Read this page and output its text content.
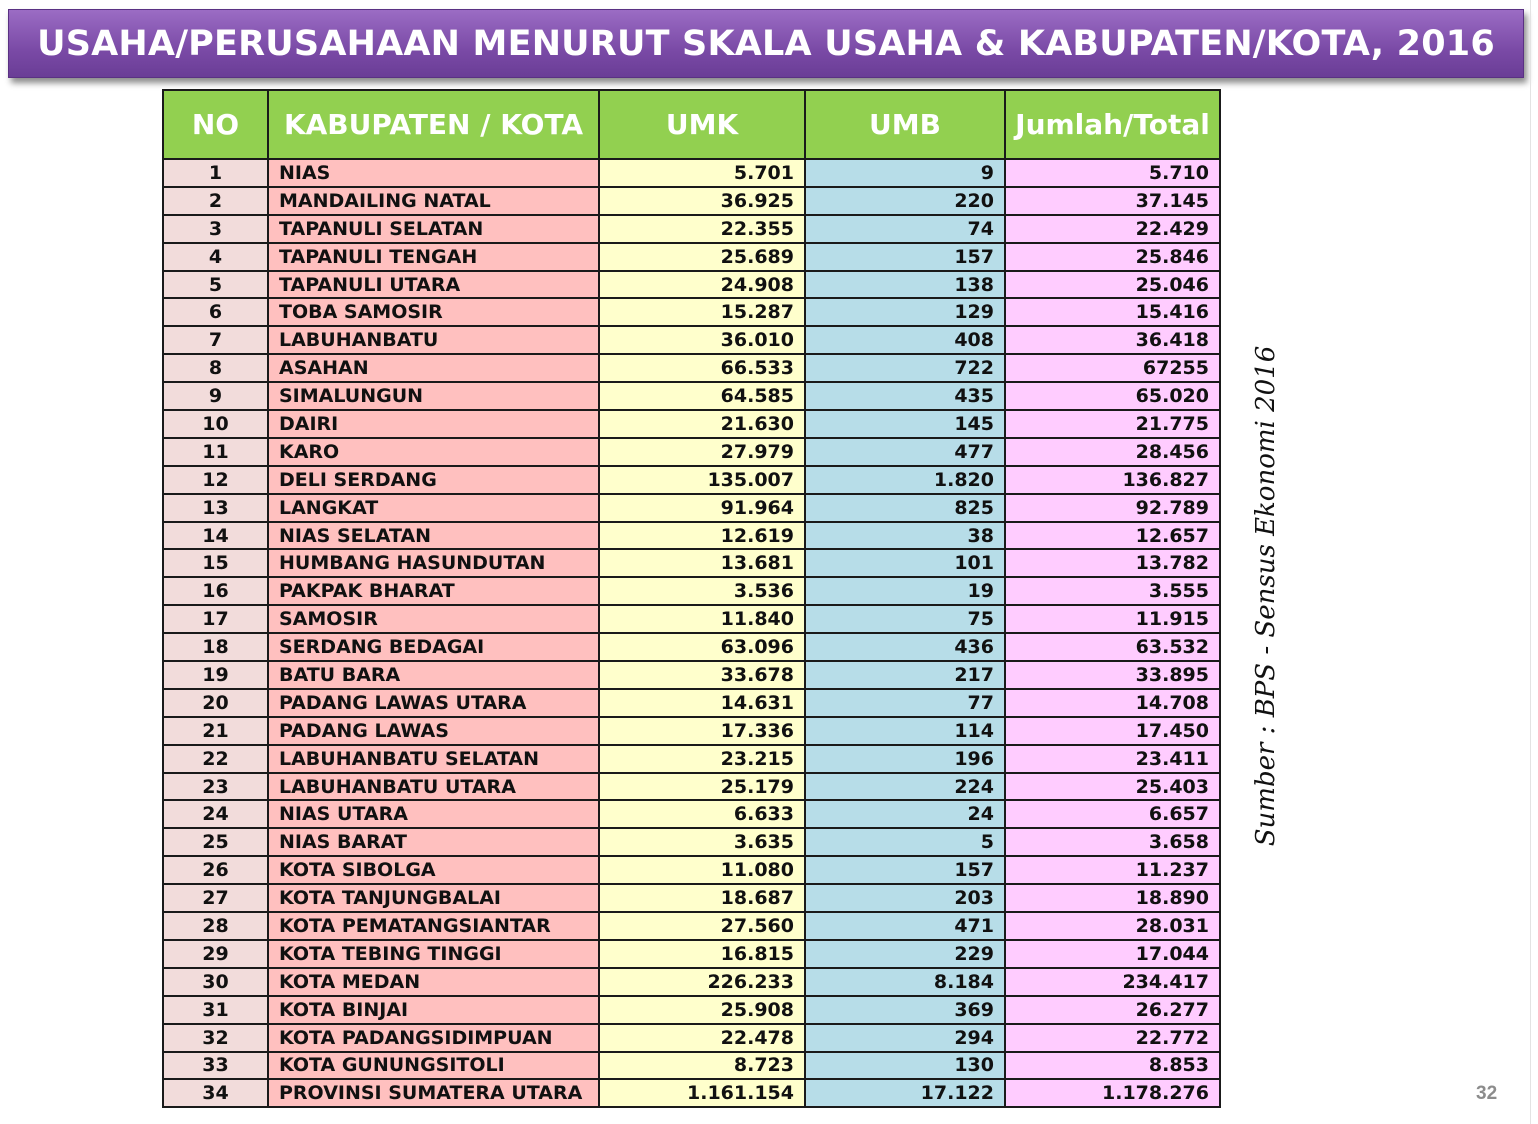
USAHA/PERUSAHAAN MENURUT SKALA USAHA & KABUPATEN/KOTA, 2016
NO	KABUPATEN / KOTA	UMK	UMB	Jumlah/Total
1	NIAS	5.701	9	5.710
2	MANDAILING NATAL	36.925	220	37.145
3	TAPANULI SELATAN	22.355	74	22.429
4	TAPANULI TENGAH	25.689	157	25.846
5	TAPANULI UTARA	24.908	138	25.046
6	TOBA SAMOSIR	15.287	129	15.416
7	LABUHANBATU	36.010	408	36.418
8	ASAHAN	66.533	722	67255
9	SIMALUNGUN	64.585	435	65.020
10	DAIRI	21.630	145	21.775
11	KARO	27.979	477	28.456
12	DELI SERDANG	135.007	1.820	136.827
13	LANGKAT	91.964	825	92.789
14	NIAS SELATAN	12.619	38	12.657
15	HUMBANG HASUNDUTAN	13.681	101	13.782
16	PAKPAK BHARAT	3.536	19	3.555
17	SAMOSIR	11.840	75	11.915
18	SERDANG BEDAGAI	63.096	436	63.532
19	BATU BARA	33.678	217	33.895
20	PADANG LAWAS UTARA	14.631	77	14.708
21	PADANG LAWAS	17.336	114	17.450
22	LABUHANBATU SELATAN	23.215	196	23.411
23	LABUHANBATU UTARA	25.179	224	25.403
24	NIAS UTARA	6.633	24	6.657
25	NIAS BARAT	3.635	5	3.658
26	KOTA SIBOLGA	11.080	157	11.237
27	KOTA TANJUNGBALAI	18.687	203	18.890
28	KOTA PEMATANGSIANTAR	27.560	471	28.031
29	KOTA TEBING TINGGI	16.815	229	17.044
30	KOTA MEDAN	226.233	8.184	234.417
31	KOTA BINJAI	25.908	369	26.277
32	KOTA PADANGSIDIMPUAN	22.478	294	22.772
33	KOTA GUNUNGSITOLI	8.723	130	8.853
34	PROVINSI SUMATERA UTARA	1.161.154	17.122	1.178.276
Sumber : BPS - Sensus Ekonomi 2016
32
